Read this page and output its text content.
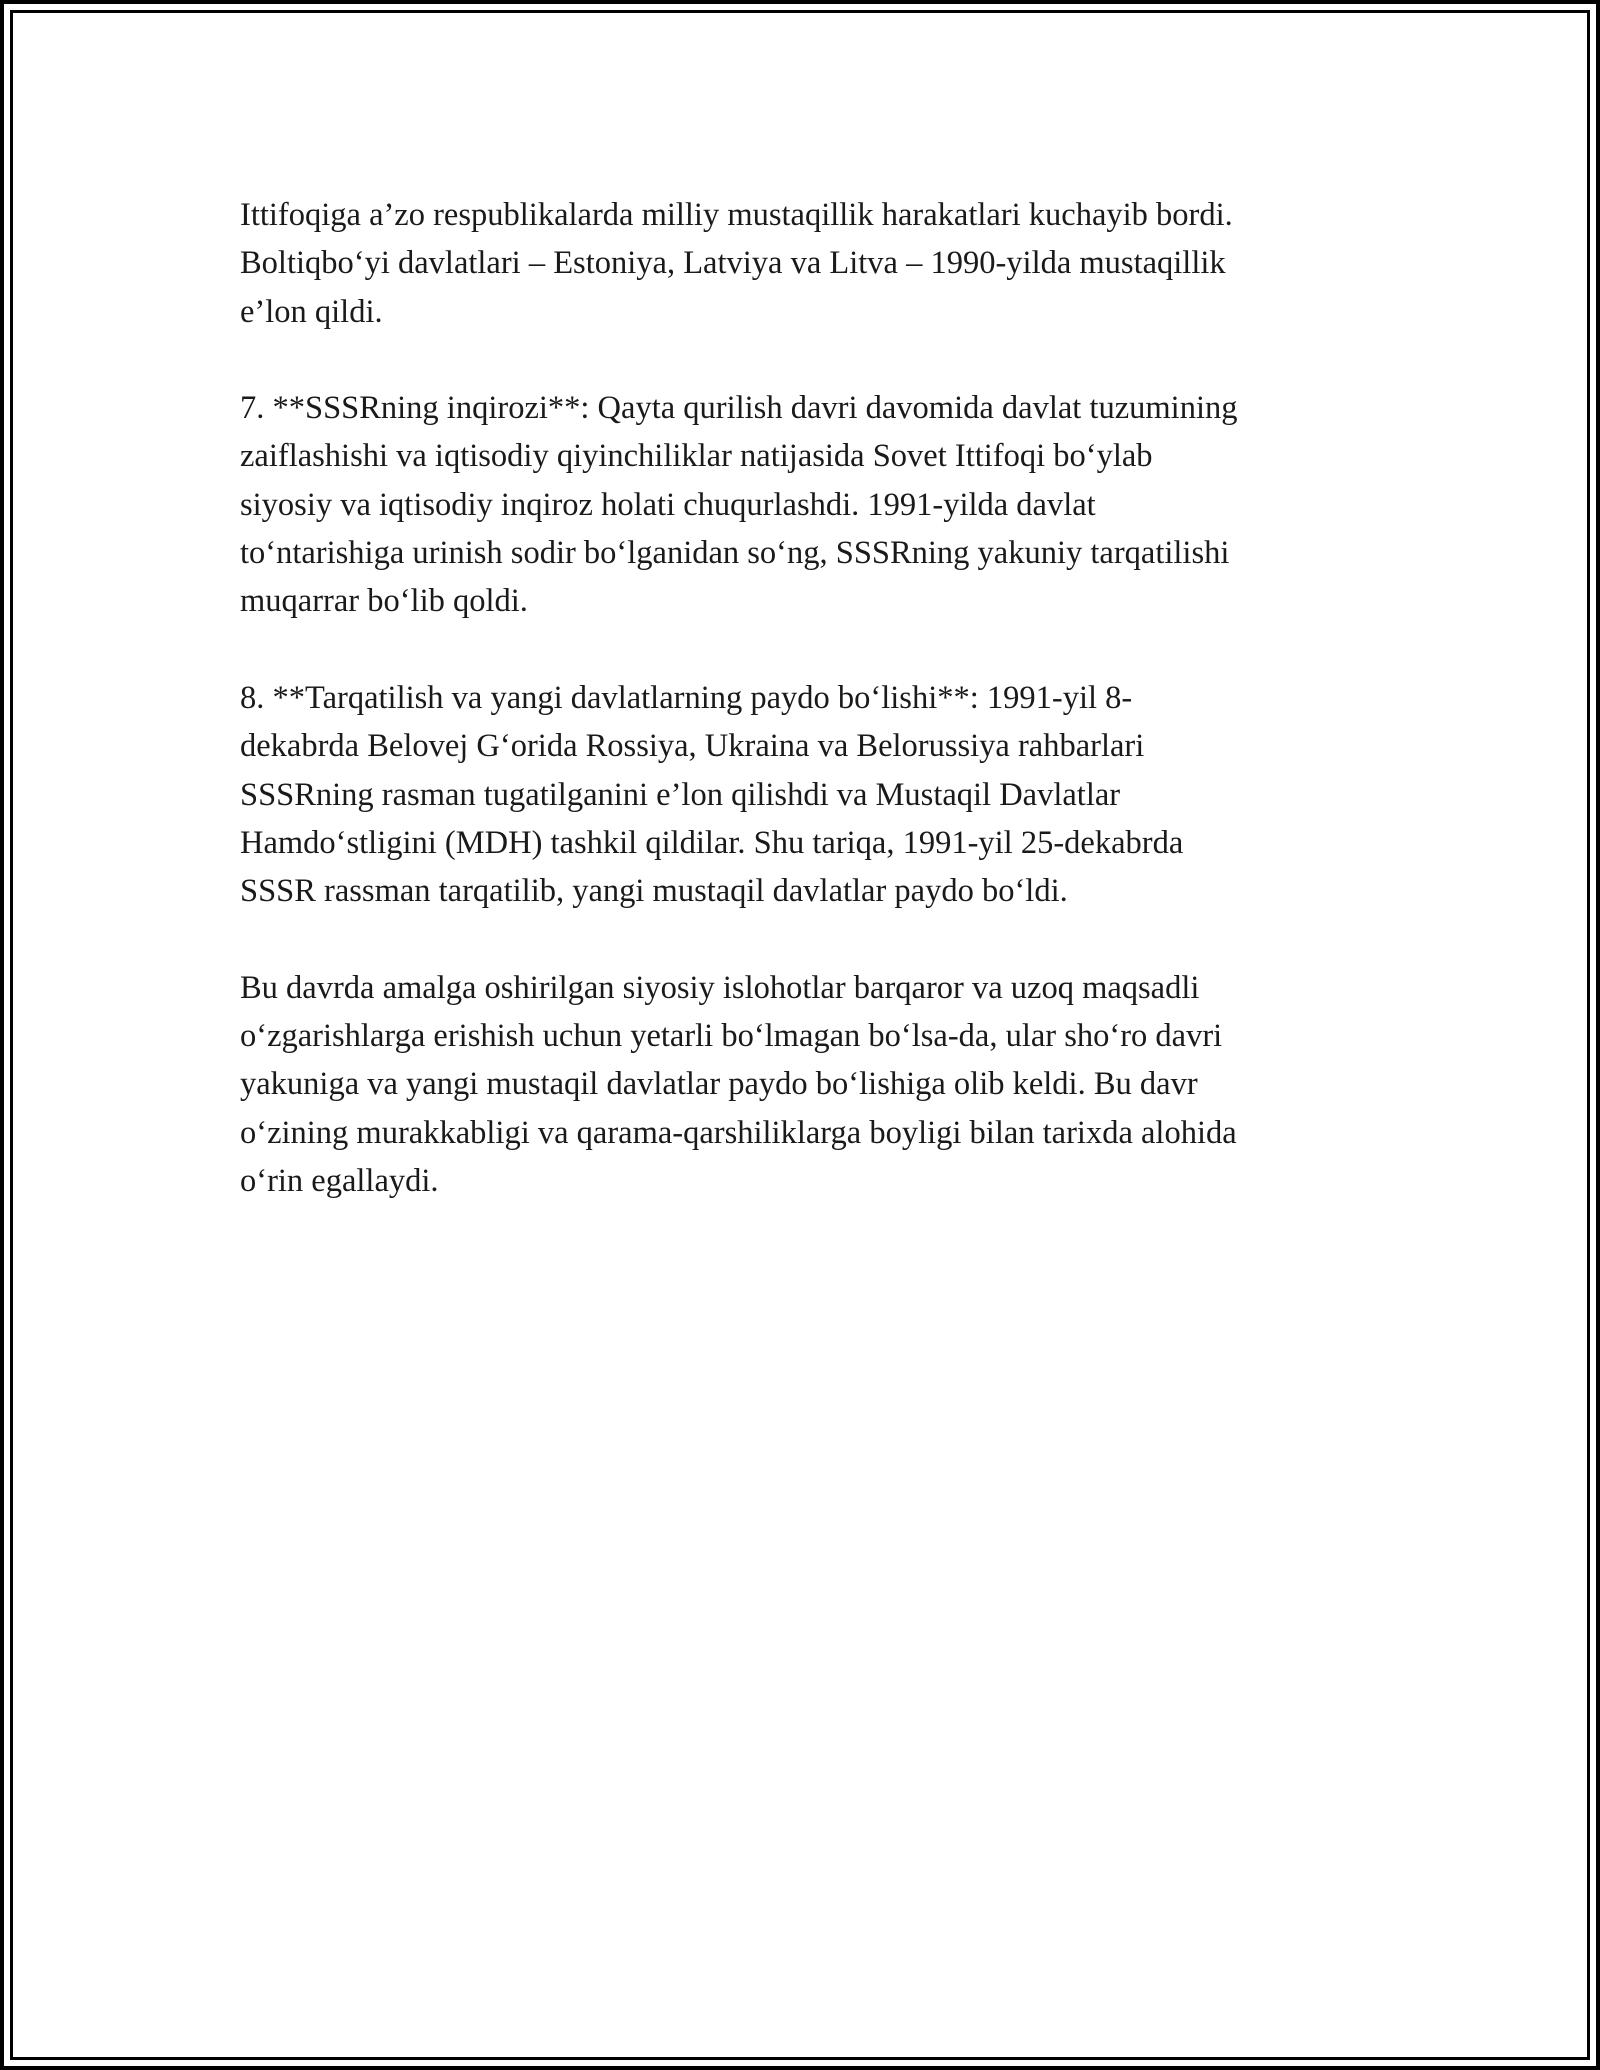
Ittifoqiga a’zo respublikalarda milliy mustaqillik harakatlari kuchayib bordi.
Boltiqbo‘yi davlatlari – Estoniya, Latviya va Litva – 1990-yilda mustaqillik
e’lon qildi.

7. **SSSRning inqirozi**: Qayta qurilish davri davomida davlat tuzumining
zaiflashishi va iqtisodiy qiyinchiliklar natijasida Sovet Ittifoqi bo‘ylab
siyosiy va iqtisodiy inqiroz holati chuqurlashdi. 1991-yilda davlat
to‘ntarishiga urinish sodir bo‘lganidan so‘ng, SSSRning yakuniy tarqatilishi
muqarrar bo‘lib qoldi.

8. **Tarqatilish va yangi davlatlarning paydo bo‘lishi**: 1991-yil 8-
dekabrda Belovej G‘orida Rossiya, Ukraina va Belorussiya rahbarlari
SSSRning rasman tugatilganini e’lon qilishdi va Mustaqil Davlatlar
Hamdo‘stligini (MDH) tashkil qildilar. Shu tariqa, 1991-yil 25-dekabrda
SSSR rassman tarqatilib, yangi mustaqil davlatlar paydo bo‘ldi.

Bu davrda amalga oshirilgan siyosiy islohotlar barqaror va uzoq maqsadli
o‘zgarishlarga erishish uchun yetarli bo‘lmagan bo‘lsa-da, ular sho‘ro davri
yakuniga va yangi mustaqil davlatlar paydo bo‘lishiga olib keldi. Bu davr
o‘zining murakkabligi va qarama-qarshiliklarga boyligi bilan tarixda alohida
o‘rin egallaydi.
